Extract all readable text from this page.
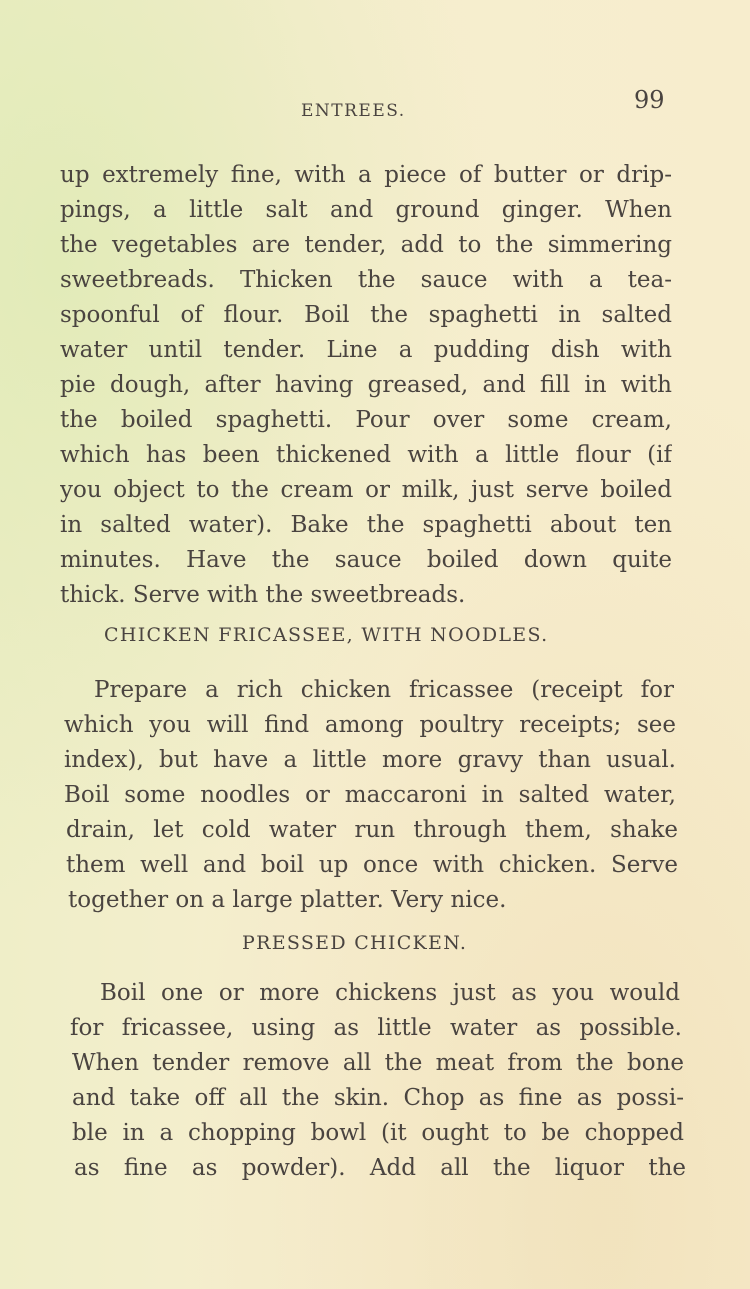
ENTREES.	99
up extremely fine, with a piece of butter or drip-
pings, a little salt and ground ginger. When
the vegetables are tender, add to the simmering
sweetbreads. Thicken the sauce with a tea-
spoonful of flour. Boil the spaghetti in salted
water until tender. Line a pudding dish with
pie dough, after having greased, and fill in with
the boiled spaghetti. Pour over some cream,
which has been thickened with a little flour (if
you object to the cream or milk, just serve boiled
in salted water). Bake the spaghetti about ten
minutes. Have the sauce boiled down quite
thick. Serve with the sweetbreads.
CHICKEN FRICASSEE, WITH NOODLES.
Prepare a rich chicken fricassee (receipt for
which you will find among poultry receipts; see
index), but have a little more gravy than usual.
Boil some noodles or maccaroni in salted water,
drain, let cold water run through them, shake
them well and boil up once with chicken. Serve
together on a large platter. Very nice.
PRESSED CHICKEN.
Boil one or more chickens just as you would
for fricassee, using as little water as possible.
When tender remove all the meat from the bone
and take off all the skin. Chop as fine as possi-
ble in a chopping bowl (it ought to be chopped
as fine as powder). Add all the liquor the
